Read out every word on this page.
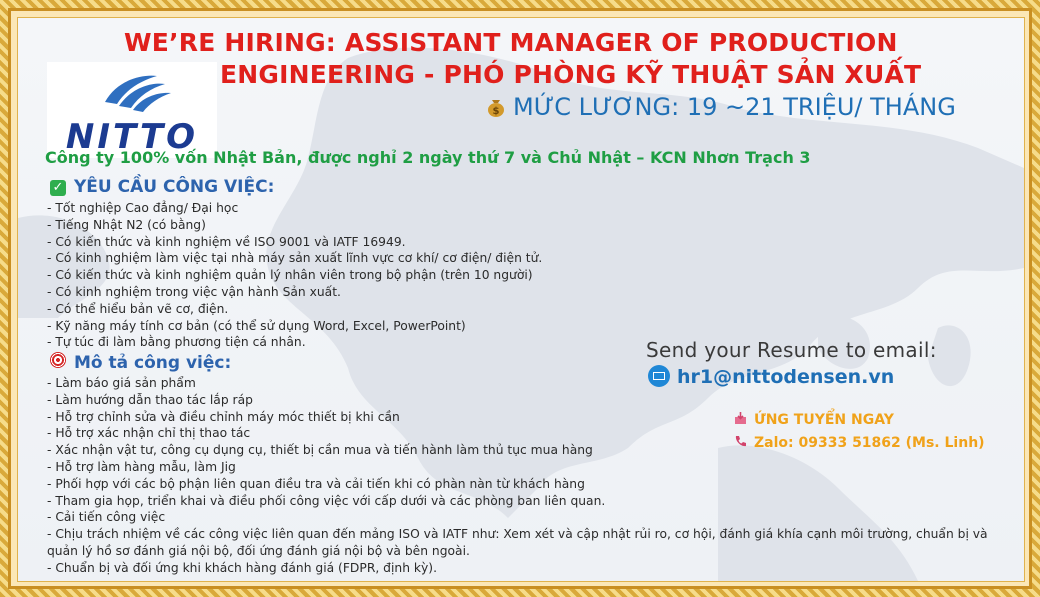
NITTO
WE’RE HIRING: ASSISTANT MANAGER OF PRODUCTION
ENGINEERING - PHÓ PHÒNG KỸ THUẬT SẢN XUẤT
$ MỨC LƯƠNG: 19 ~21 TRIỆU/ THÁNG
Công ty 100% vốn Nhật Bản, được nghỉ 2 ngày thứ 7 và Chủ Nhật – KCN Nhơn Trạch 3
✓ YÊU CẦU CÔNG VIỆC:
- Tốt nghiệp Cao đẳng/ Đại học
- Tiếng Nhật N2 (có bằng)
- Có kiến thức và kinh nghiệm về ISO 9001 và IATF 16949.
- Có kinh nghiệm làm việc tại nhà máy sản xuất lĩnh vực cơ khí/ cơ điện/ điện tử.
- Có kiến thức và kinh nghiệm quản lý nhân viên trong bộ phận (trên 10 người)
- Có kinh nghiệm trong việc vận hành Sản xuất.
- Có thể hiểu bản vẽ cơ, điện.
- Kỹ năng máy tính cơ bản (có thể sử dụng Word, Excel, PowerPoint)
- Tự túc đi làm bằng phương tiện cá nhân.
Mô tả công việc:
- Làm báo giá sản phẩm
- Làm hướng dẫn thao tác lắp ráp
- Hỗ trợ chỉnh sửa và điều chỉnh máy móc thiết bị khi cần
- Hỗ trợ xác nhận chỉ thị thao tác
- Xác nhận vật tư, công cụ dụng cụ, thiết bị cần mua và tiến hành làm thủ tục mua hàng
- Hỗ trợ làm hàng mẫu, làm Jig
- Phối hợp với các bộ phận liên quan điều tra và cải tiến khi có phàn nàn từ khách hàng
- Tham gia họp, triển khai và điều phối công việc với cấp dưới và các phòng ban liên quan.
- Cải tiến công việc
- Chịu trách nhiệm về các công việc liên quan đến mảng ISO và IATF như: Xem xét và cập nhật rủi ro, cơ hội, đánh giá khía cạnh môi trường, chuẩn bị và quản lý hồ sơ đánh giá nội bộ, đối ứng đánh giá nội bộ và bên ngoài.
- Chuẩn bị và đối ứng khi khách hàng đánh giá (FDPR, định kỳ).
Send your Resume to email:
hr1@nittodensen.vn
ỨNG TUYỂN NGAY
Zalo: 09333 51862 (Ms. Linh)
